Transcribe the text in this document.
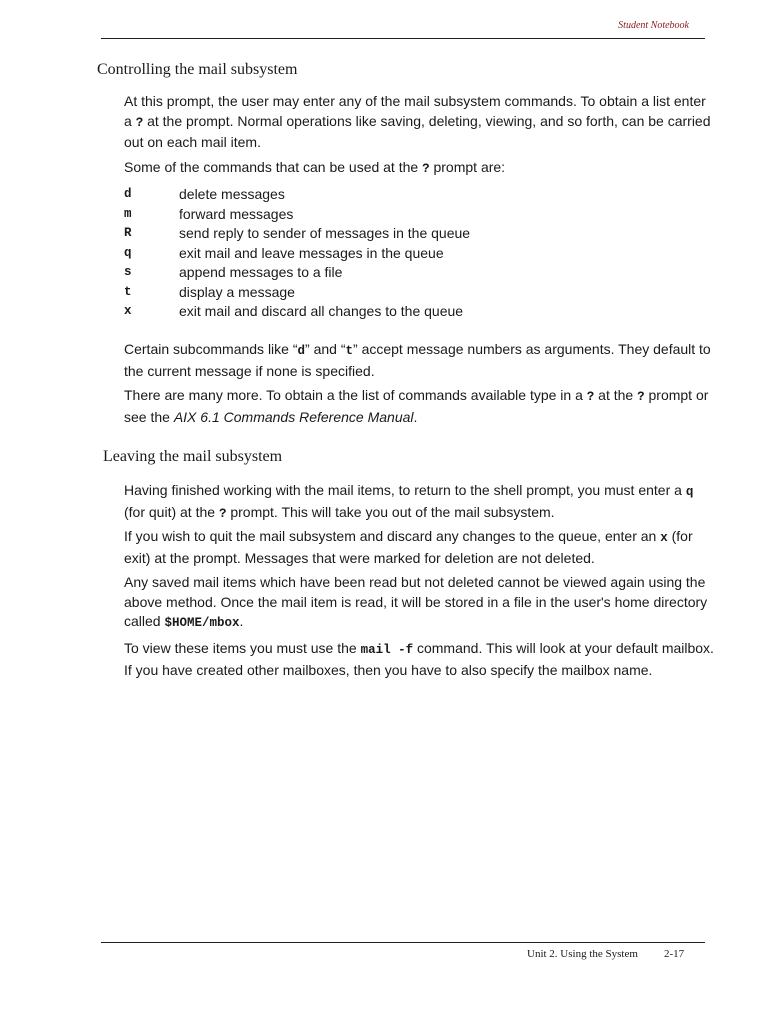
Student Notebook
Controlling the mail subsystem

At this prompt, the user may enter any of the mail subsystem commands. To obtain a list enter a ? at the prompt. Normal operations like saving, deleting, viewing, and so forth, can be carried out on each mail item.

Some of the commands that can be used at the ? prompt are:

d	delete messages
m	forward messages
R	send reply to sender of messages in the queue
q	exit mail and leave messages in the queue
s	append messages to a file
t	display a message
x	exit mail and discard all changes to the queue

Certain subcommands like “d” and “t” accept message numbers as arguments. They default to the current message if none is specified.

There are many more. To obtain a the list of commands available type in a ? at the ? prompt or see the AIX 6.1 Commands Reference Manual.

Leaving the mail subsystem

Having finished working with the mail items, to return to the shell prompt, you must enter a q (for quit) at the ? prompt. This will take you out of the mail subsystem.

If you wish to quit the mail subsystem and discard any changes to the queue, enter an x (for exit) at the prompt. Messages that were marked for deletion are not deleted.

Any saved mail items which have been read but not deleted cannot be viewed again using the above method. Once the mail item is read, it will be stored in a file in the user's home directory called $HOME/mbox.

To view these items you must use the mail -f command. This will look at your default mailbox. If you have created other mailboxes, then you have to also specify the mailbox name.

Unit 2. Using the System 2-17
